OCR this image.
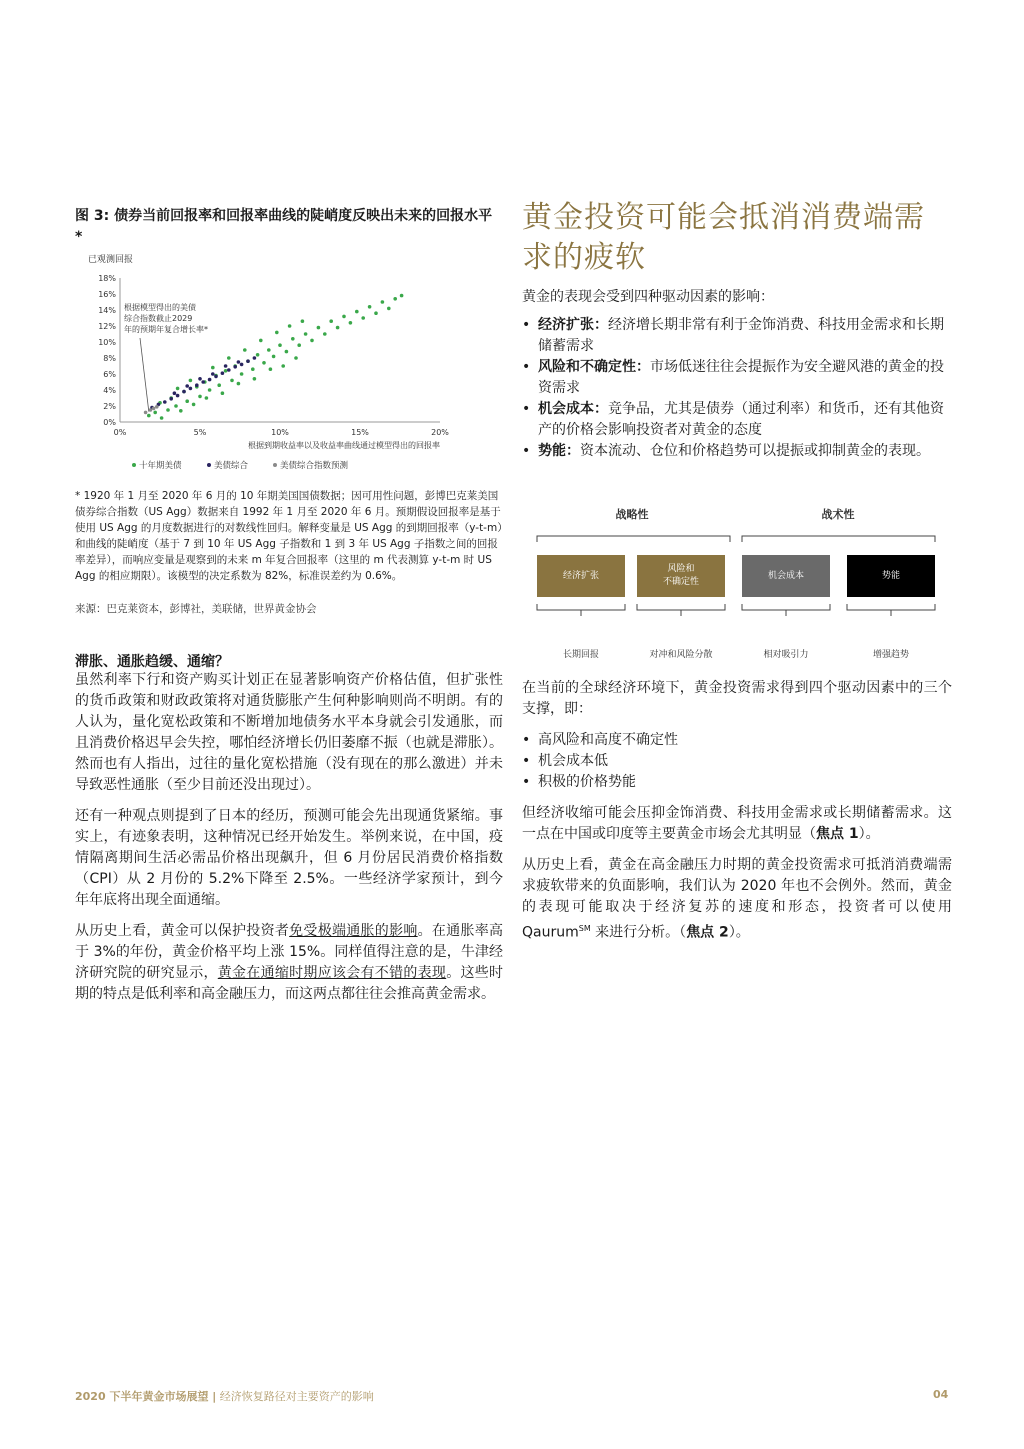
图 3: 债券当前回报率和回报率曲线的陡峭度反映出未来的回报水平*
已观测回报
0%
2%
4%
6%
8%
10%
12%
14%
16%
18%
0%	5%	10%	15%	20%
根据到期收益率以及收益率曲线通过模型得出的回报率
根据模型得出的美债
综合指数截止2029
年的预期年复合增长率*
十年期美债	美债综合	美债综合指数预测
* 1920 年 1 月至 2020 年 6 月的 10 年期美国国债数据；因可用性问题，彭博巴克莱美国债券综合指数（US Agg）数据来自 1992 年 1 月至 2020 年 6 月。预期假设回报率是基于使用 US Agg 的月度数据进行的对数线性回归。解释变量是 US Agg 的到期回报率（y-t-m）和曲线的陡峭度（基于 7 到 10 年 US Agg 子指数和 1 到 3 年 US Agg 子指数之间的回报率差异），而响应变量是观察到的未来 m 年复合回报率（这里的 m 代表测算 y-t-m 时 US Agg 的相应期限）。该模型的决定系数为 82%，标准误差约为 0.6%。
来源：巴克莱资本，彭博社，美联储，世界黄金协会
滞胀、通胀趋缓、通缩？

虽然利率下行和资产购买计划正在显著影响资产价格估值，但扩张性的货币政策和财政政策将对通货膨胀产生何种影响则尚不明朗。有的人认为，量化宽松政策和不断增加地债务水平本身就会引发通胀，而且消费价格迟早会失控，哪怕经济增长仍旧萎靡不振（也就是滞胀）。然而也有人指出，过往的量化宽松措施（没有现在的那么激进）并未导致恶性通胀（至少目前还没出现过）。

还有一种观点则提到了日本的经历，预测可能会先出现通货紧缩。事实上，有迹象表明，这种情况已经开始发生。举例来说，在中国，疫情隔离期间生活必需品价格出现飙升，但 6 月份居民消费价格指数（CPI）从 2 月份的 5.2%下降至 2.5%。一些经济学家预计，到今年年底将出现全面通缩。

从历史上看，黄金可以保护投资者免受极端通胀的影响。在通胀率高于 3%的年份，黄金价格平均上涨 15%。同样值得注意的是，牛津经济研究院的研究显示，黄金在通缩时期应该会有不错的表现。这些时期的特点是低利率和高金融压力，而这两点都往往会推高黄金需求。

黄金投资可能会抵消消费端需求的疲软
黄金的表现会受到四种驱动因素的影响：
• 经济扩张：经济增长期非常有利于金饰消费、科技用金需求和长期储蓄需求
• 风险和不确定性：市场低迷往往会提振作为安全避风港的黄金的投资需求
• 机会成本：竞争品，尤其是债券（通过利率）和货币，还有其他资产的价格会影响投资者对黄金的态度
• 势能：资本流动、仓位和价格趋势可以提振或抑制黄金的表现。
战略性	战术性
经济扩张
风险和
不确定性
机会成本	势能
长期回报	对冲和风险分散	相对吸引力	增强趋势

在当前的全球经济环境下，黄金投资需求得到四个驱动因素中的三个支撑，即：

• 高风险和高度不确定性
• 机会成本低
• 积极的价格势能

但经济收缩可能会压抑金饰消费、科技用金需求或长期储蓄需求。这一点在中国或印度等主要黄金市场会尤其明显（焦点 1）。

从历史上看，黄金在高金融压力时期的黄金投资需求可抵消消费端需求疲软带来的负面影响，我们认为 2020 年也不会例外。然而，黄金的表现可能取决于经济复苏的速度和形态，投资者可以使用 Qaurum℠ 来进行分析。（焦点 2）。

2020 下半年黄金市场展望 | 经济恢复路径对主要资产的影响	04
